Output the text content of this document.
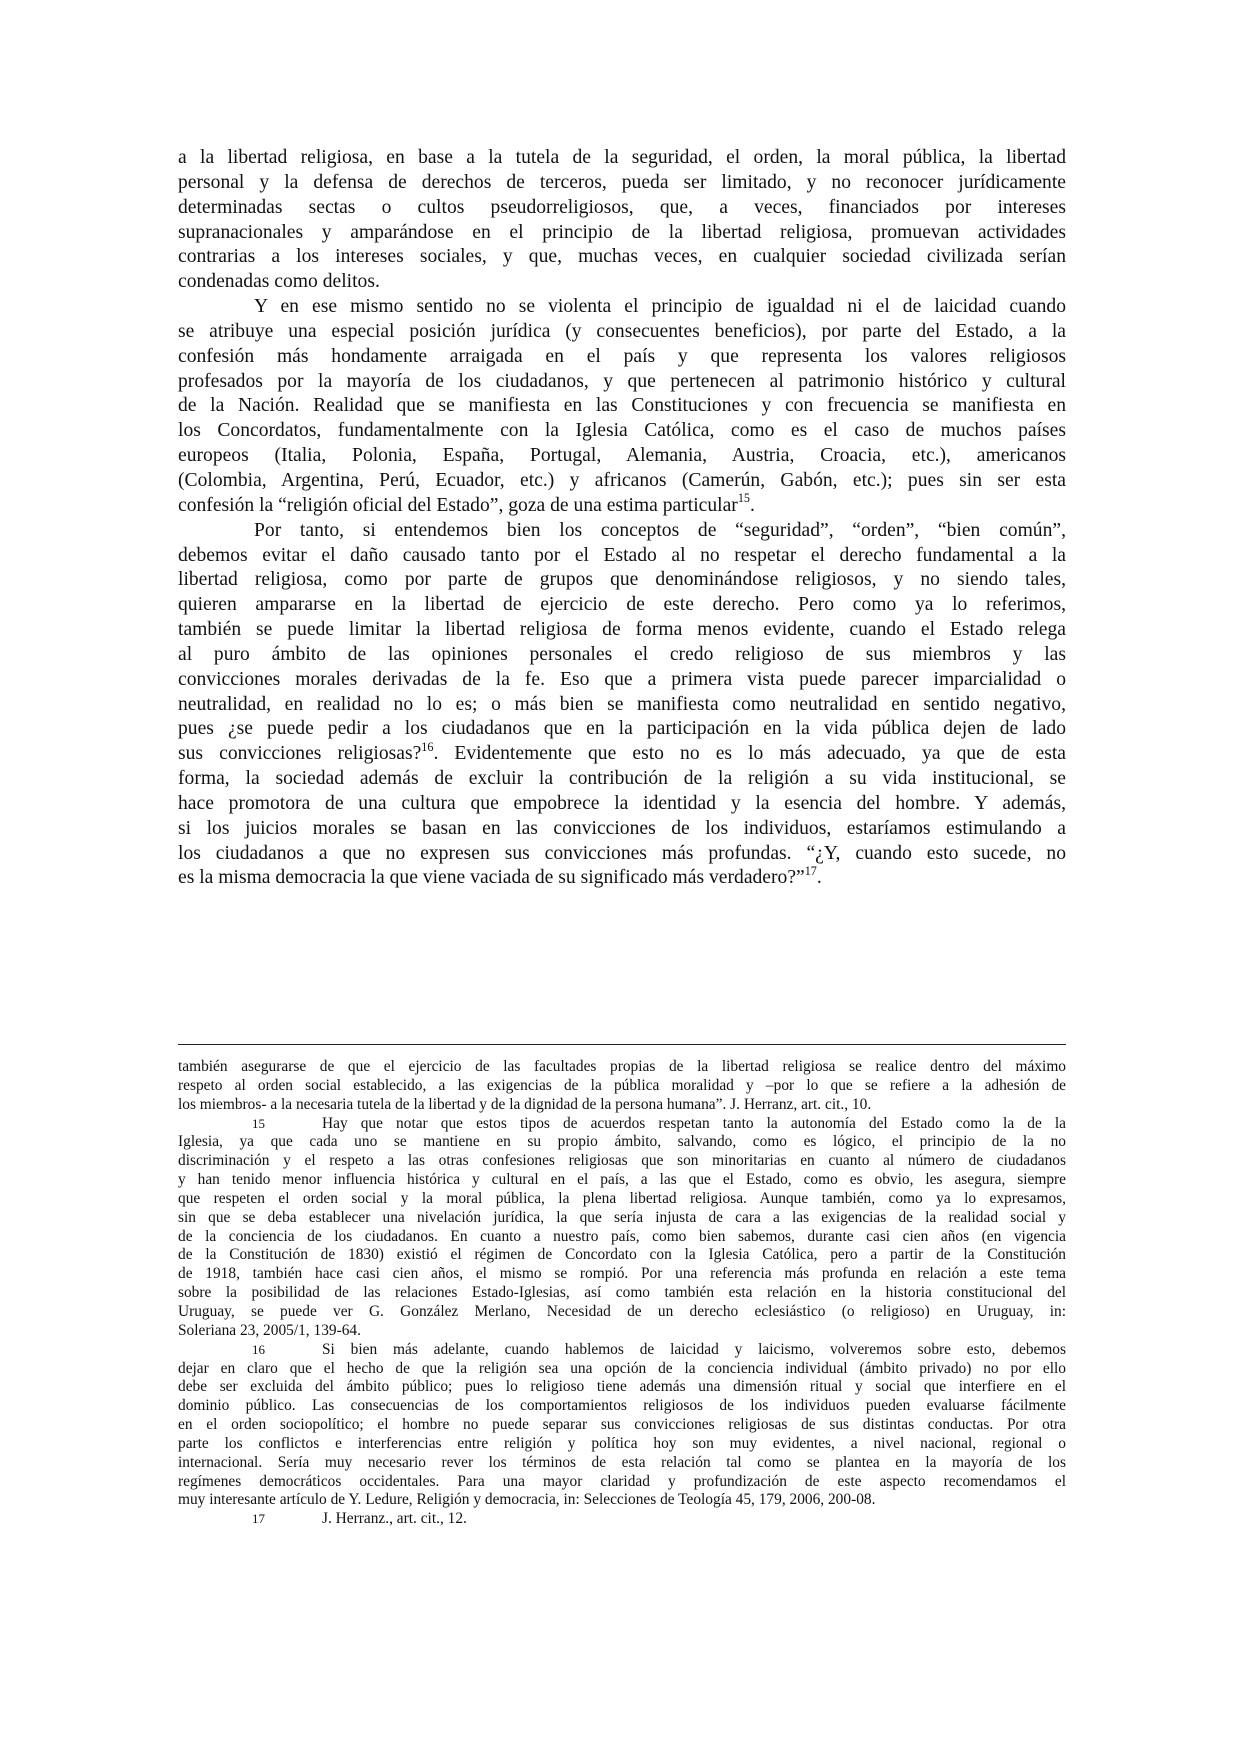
a la libertad religiosa, en base a la tutela de la seguridad, el orden, la moral pública, la libertad
personal y la defensa de derechos de terceros, pueda ser limitado, y no reconocer jurídicamente
determinadas sectas o cultos pseudorreligiosos, que, a veces, financiados por intereses
supranacionales y amparándose en el principio de la libertad religiosa, promuevan actividades
contrarias a los intereses sociales, y que, muchas veces, en cualquier sociedad civilizada serían
condenadas como delitos.
Y en ese mismo sentido no se violenta el principio de igualdad ni el de laicidad cuando
se atribuye una especial posición jurídica (y consecuentes beneficios), por parte del Estado, a la
confesión más hondamente arraigada en el país y que representa los valores religiosos
profesados por la mayoría de los ciudadanos, y que pertenecen al patrimonio histórico y cultural
de la Nación. Realidad que se manifiesta en las Constituciones y con frecuencia se manifiesta en
los Concordatos, fundamentalmente con la Iglesia Católica, como es el caso de muchos países
europeos (Italia, Polonia, España, Portugal, Alemania, Austria, Croacia, etc.), americanos
(Colombia, Argentina, Perú, Ecuador, etc.) y africanos (Camerún, Gabón, etc.); pues sin ser esta
confesión la “religión oficial del Estado”, goza de una estima particular$^{15}$.
Por tanto, si entendemos bien los conceptos de “seguridad”, “orden”, “bien común”,
debemos evitar el daño causado tanto por el Estado al no respetar el derecho fundamental a la
libertad religiosa, como por parte de grupos que denominándose religiosos, y no siendo tales,
quieren ampararse en la libertad de ejercicio de este derecho. Pero como ya lo referimos,
también se puede limitar la libertad religiosa de forma menos evidente, cuando el Estado relega
al puro ámbito de las opiniones personales el credo religioso de sus miembros y las
convicciones morales derivadas de la fe. Eso que a primera vista puede parecer imparcialidad o
neutralidad, en realidad no lo es; o más bien se manifiesta como neutralidad en sentido negativo,
pues ¿se puede pedir a los ciudadanos que en la participación en la vida pública dejen de lado
sus convicciones religiosas?$^{16}$. Evidentemente que esto no es lo más adecuado, ya que de esta
forma, la sociedad además de excluir la contribución de la religión a su vida institucional, se
hace promotora de una cultura que empobrece la identidad y la esencia del hombre. Y además,
si los juicios morales se basan en las convicciones de los individuos, estaríamos estimulando a
los ciudadanos a que no expresen sus convicciones más profundas. “¿Y, cuando esto sucede, no
es la misma democracia la que viene vaciada de su significado más verdadero?”$^{17}$.
también asegurarse de que el ejercicio de las facultades propias de la libertad religiosa se realice dentro del máximo
respeto al orden social establecido, a las exigencias de la pública moralidad y –por lo que se refiere a la adhesión de
los miembros- a la necesaria tutela de la libertad y de la dignidad de la persona humana”. J. Herranz, art. cit., 10.
15	Hay que notar que estos tipos de acuerdos respetan tanto la autonomía del Estado como la de la
Iglesia, ya que cada uno se mantiene en su propio ámbito, salvando, como es lógico, el principio de la no
discriminación y el respeto a las otras confesiones religiosas que son minoritarias en cuanto al número de ciudadanos
y han tenido menor influencia histórica y cultural en el país, a las que el Estado, como es obvio, les asegura, siempre
que respeten el orden social y la moral pública, la plena libertad religiosa. Aunque también, como ya lo expresamos,
sin que se deba establecer una nivelación jurídica, la que sería injusta de cara a las exigencias de la realidad social y
de la conciencia de los ciudadanos. En cuanto a nuestro país, como bien sabemos, durante casi cien años (en vigencia
de la Constitución de 1830) existió el régimen de Concordato con la Iglesia Católica, pero a partir de la Constitución
de 1918, también hace casi cien años, el mismo se rompió. Por una referencia más profunda en relación a este tema
sobre la posibilidad de las relaciones Estado-Iglesias, así como también esta relación en la historia constitucional del
Uruguay, se puede ver G. González Merlano, Necesidad de un derecho eclesiástico (o religioso) en Uruguay, in:
Soleriana 23, 2005/1, 139-64.
16	Si bien más adelante, cuando hablemos de laicidad y laicismo, volveremos sobre esto, debemos
dejar en claro que el hecho de que la religión sea una opción de la conciencia individual (ámbito privado) no por ello
debe ser excluida del ámbito público; pues lo religioso tiene además una dimensión ritual y social que interfiere en el
dominio público. Las consecuencias de los comportamientos religiosos de los individuos pueden evaluarse fácilmente
en el orden sociopolítico; el hombre no puede separar sus convicciones religiosas de sus distintas conductas. Por otra
parte los conflictos e interferencias entre religión y política hoy son muy evidentes, a nivel nacional, regional o
internacional. Sería muy necesario rever los términos de esta relación tal como se plantea en la mayoría de los
regímenes democráticos occidentales. Para una mayor claridad y profundización de este aspecto recomendamos el
muy interesante artículo de Y. Ledure, Religión y democracia, in: Selecciones de Teología 45, 179, 2006, 200-08.
17	J. Herranz., art. cit., 12.
